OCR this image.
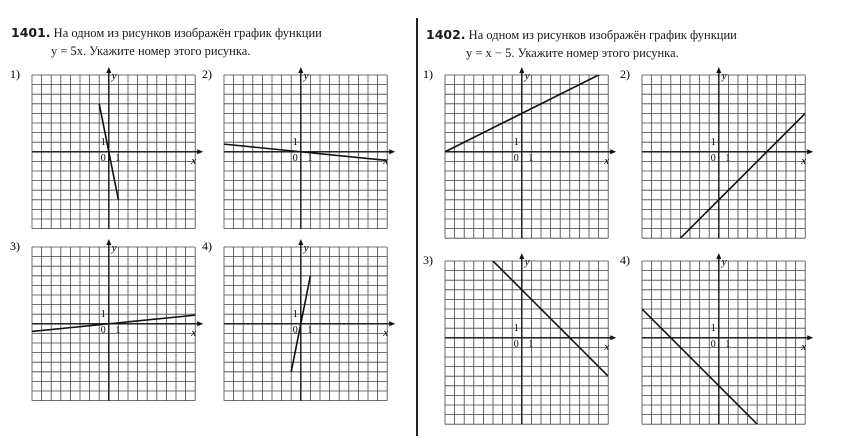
1401. На одном из рисунков изображён график функции
y = 5x. Укажите номер этого рисунка.
1402. На одном из рисунков изображён график функции
y = x − 5. Укажите номер этого рисунка.
1)
x
y
0 1
1
2)	y
0 1
1
3)
x
y
0 1
1
4)
x
y
0 1
1
1)
x
y
0 1
1
2)
x
y
0 1
1
3)
x
y
0 1
1
4)
x
y
0 1
1
